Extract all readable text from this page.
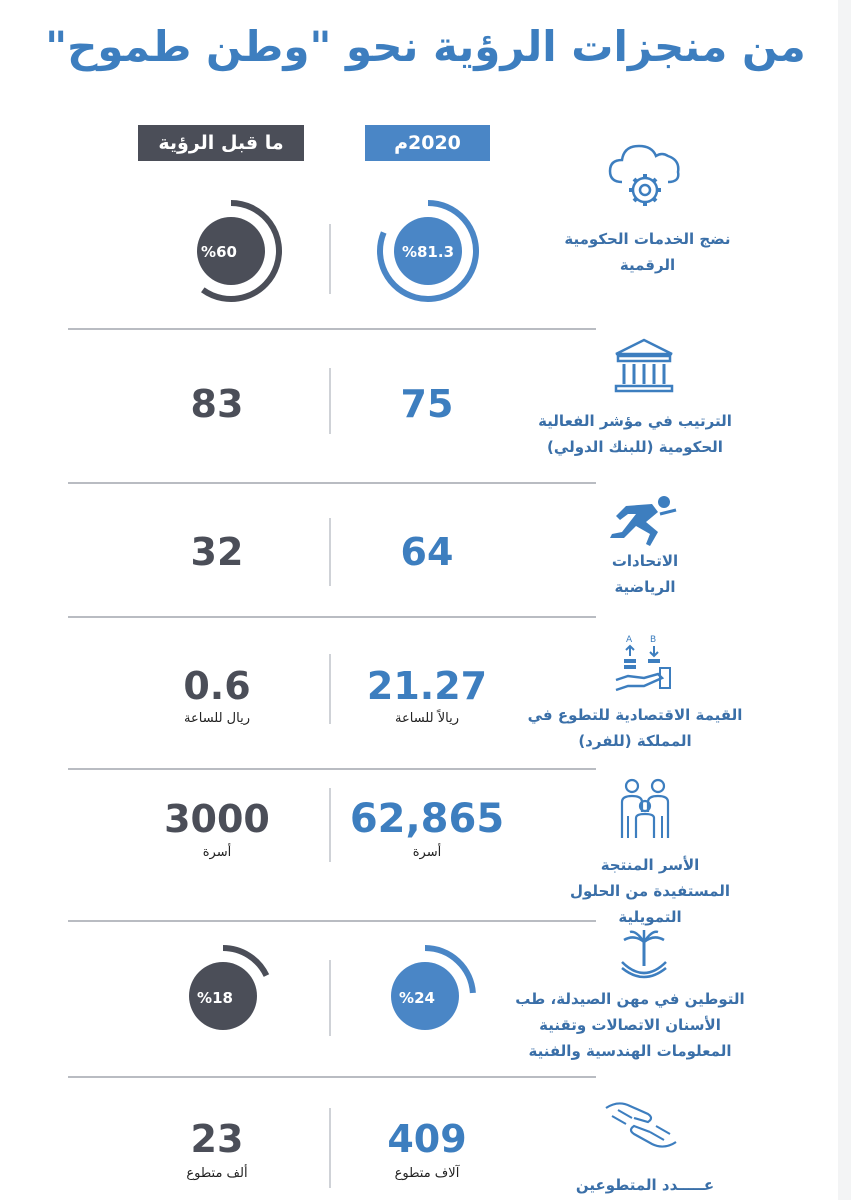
من منجزات الرؤية نحو "وطن طموح"
2020م
ما قبل الرؤية
نضج الخدمات الحكومية الرقمية
%81.3
%60
الترتيب في مؤشر الفعالية الحكومية (للبنك الدولي)
75
83
الاتحادات الرياضية
64
32
A B
القيمة الاقتصادية للتطوع في المملكة (للفرد)
21.27
ريالاً للساعة
0.6
ريال للساعة
الأسر المنتجة المستفيدة من الحلول التمويلية
62,865
أسرة
3000
أسرة
التوطين في مهن الصيدلة، طب الأسنان الاتصالات وتقنية المعلومات الهندسية والفنية
%24
%18
عـــــدد المتطوعين
409
آلاف متطوع
23
ألف متطوع
